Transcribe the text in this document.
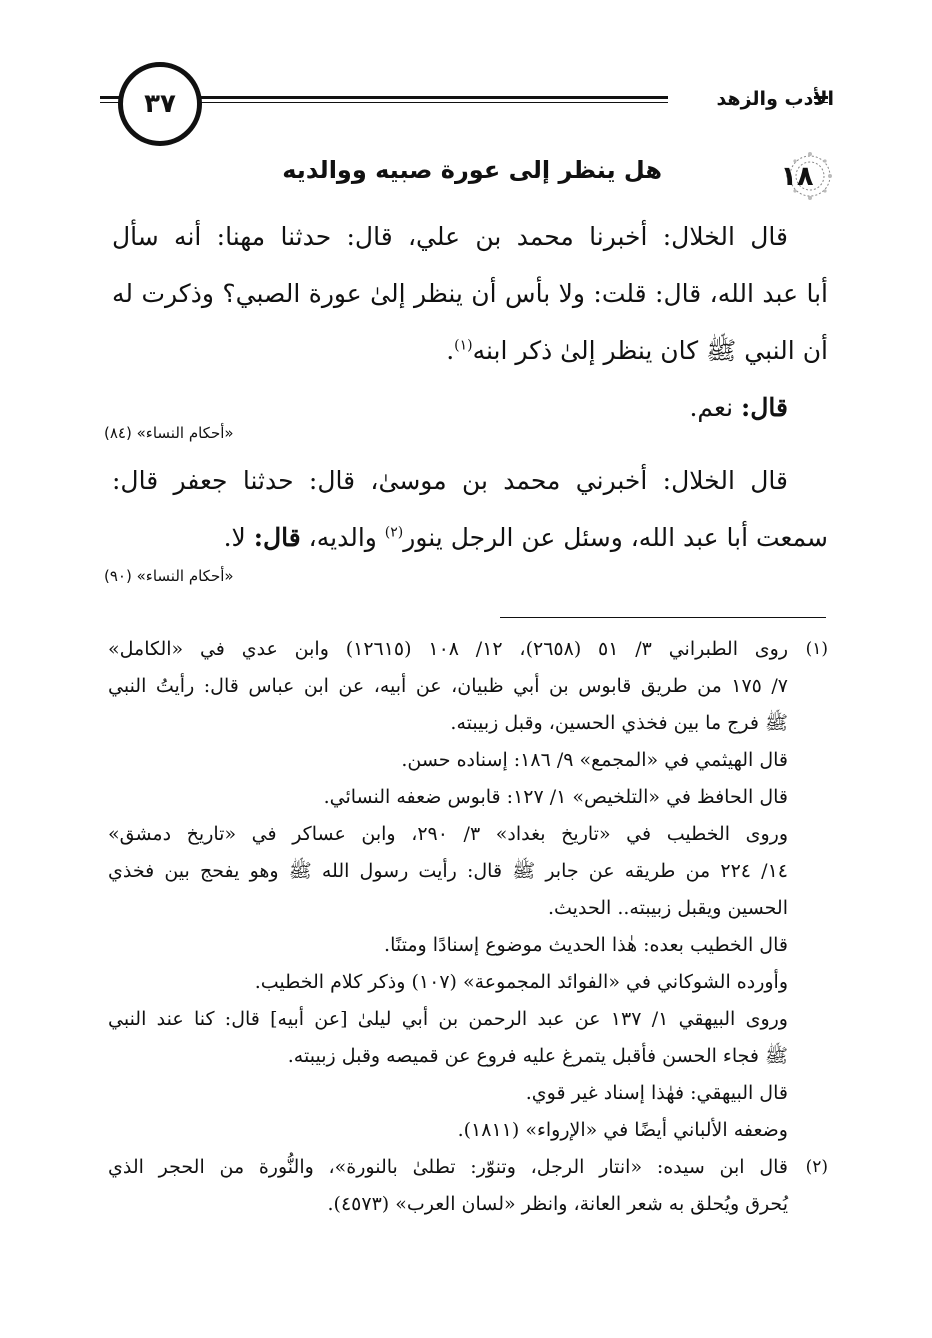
الأدب والزهد
٣٧
١٨
هل ينظر إلى عورة صبيه ووالديه
قال الخلال: أخبرنا محمد بن علي، قال: حدثنا مهنا: أنه سأل
أبا عبد الله، قال: قلت: ولا بأس أن ينظر إلىٰ عورة الصبي؟ وذكرت له
أن النبي ﷺ كان ينظر إلىٰ ذكر ابنه$^{(١)}$.
قال: نعم.
«أحكام النساء» (٨٤)
قال الخلال: أخبرني محمد بن موسىٰ، قال: حدثنا جعفر قال:
سمعت أبا عبد الله، وسئل عن الرجل ينور$^{(٢)}$ والديه، قال: لا.
«أحكام النساء» (٩٠)
(١)
روى الطبراني ٣/ ٥١ (٢٦٥٨)، ١٢/ ١٠٨ (١٢٦١٥) وابن عدي في «الكامل»
٧/ ١٧٥ من طريق قابوس بن أبي ظبيان، عن أبيه، عن ابن عباس قال: رأيتُ النبي
ﷺ فرج ما بين فخذي الحسين، وقبل زبيبته.
قال الهيثمي في «المجمع» ٩/ ١٨٦: إسناده حسن.
قال الحافظ في «التلخيص» ١/ ١٢٧: قابوس ضعفه النسائي.
وروى الخطيب في «تاريخ بغداد» ٣/ ٢٩٠، وابن عساكر في «تاريخ دمشق»
١٤/ ٢٢٤ من طريقه عن جابر ﷺ قال: رأيت رسول الله ﷺ وهو يفحج بين فخذي
الحسين ويقبل زبيبته.. الحديث.
قال الخطيب بعده: هٰذا الحديث موضوع إسنادًا ومتنًا.
وأورده الشوكاني في «الفوائد المجموعة» (١٠٧) وذكر كلام الخطيب.
وروى البيهقي ١/ ١٣٧ عن عبد الرحمن بن أبي ليلىٰ [عن أبيه] قال: كنا عند النبي
ﷺ فجاء الحسن فأقبل يتمرغ عليه فروع عن قميصه وقبل زبيبته.
قال البيهقي: فهٰذا إسناد غير قوي.
وضعفه الألباني أيضًا في «الإرواء» (١٨١١).
(٢)
قال ابن سيده: «انتار الرجل، وتنوّر: تطلىٰ بالنورة»، والنُّورة من الحجر الذي
يُحرق ويُحلق به شعر العانة، وانظر «لسان العرب» (٤٥٧٣).
